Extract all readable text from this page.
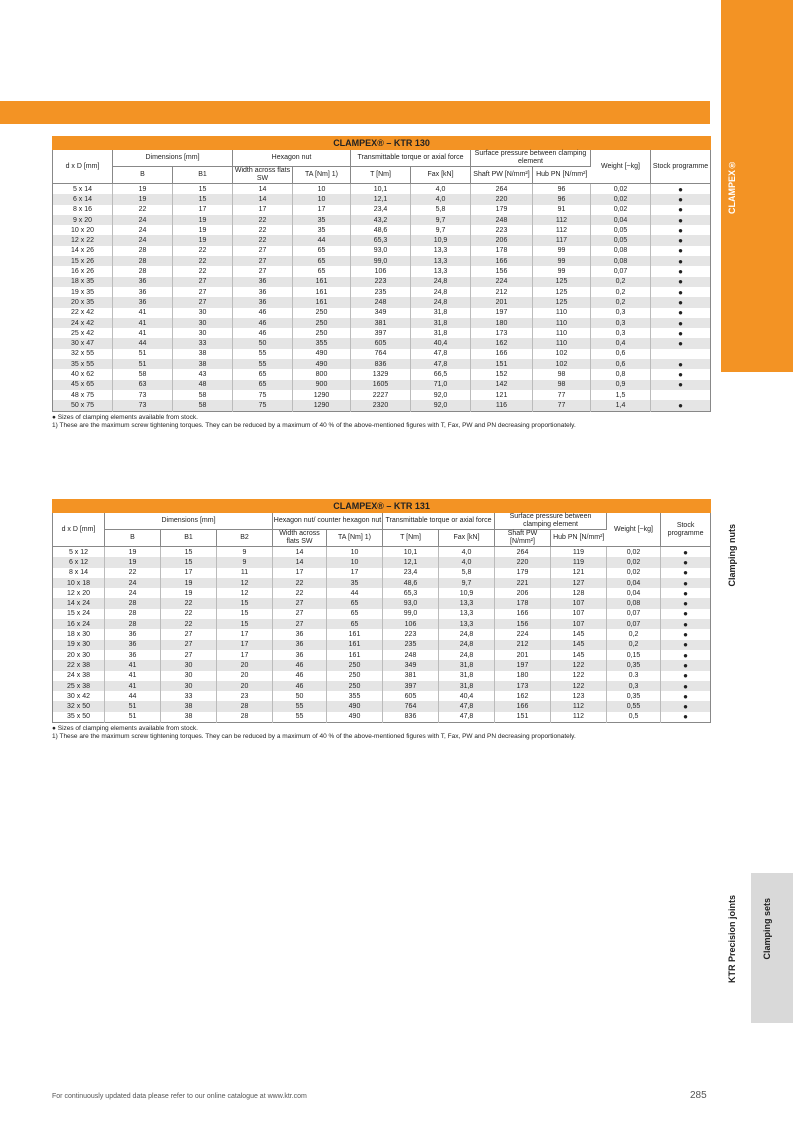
CLAMPEX®
Clamping nuts
KTR Precision joints	Clamping sets
CLAMPEX® – KTR 130										
d x D [mm]	Dimensions [mm]		Hexagon nut		Transmittable torque or axial force		Surface pressure between clamping element		Weight [~kg]	Stock programme
	B	B1	Width across flats SW	TA [Nm] 1)	T [Nm]	Fax [kN]	Shaft PW [N/mm²]	Hub PN [N/mm²]		
5 x 14	19	15	14	10	10,1	4,0	264	96	0,02	●
6 x 14	19	15	14	10	12,1	4,0	220	96	0,02	●
8 x 16	22	17	17	17	23,4	5,8	179	91	0,02	●
9 x 20	24	19	22	35	43,2	9,7	248	112	0,04	●
10 x 20	24	19	22	35	48,6	9,7	223	112	0,05	●
12 x 22	24	19	22	44	65,3	10,9	206	117	0,05	●
14 x 26	28	22	27	65	93,0	13,3	178	99	0,08	●
15 x 26	28	22	27	65	99,0	13,3	166	99	0,08	●
16 x 26	28	22	27	65	106	13,3	156	99	0,07	●
18 x 35	36	27	36	161	223	24,8	224	125	0,2	●
19 x 35	36	27	36	161	235	24,8	212	125	0,2	●
20 x 35	36	27	36	161	248	24,8	201	125	0,2	●
22 x 42	41	30	46	250	349	31,8	197	110	0,3	●
24 x 42	41	30	46	250	381	31,8	180	110	0,3	●
25 x 42	41	30	46	250	397	31,8	173	110	0,3	●
30 x 47	44	33	50	355	605	40,4	162	110	0,4	●
32 x 55	51	38	55	490	764	47,8	166	102	0,6	
35 x 55	51	38	55	490	836	47,8	151	102	0,6	●
40 x 62	58	43	65	800	1329	66,5	152	98	0,8	●
45 x 65	63	48	65	900	1605	71,0	142	98	0,9	●
48 x 75	73	58	75	1290	2227	92,0	121	77	1,5	
50 x 75	73	58	75	1290	2320	92,0	116	77	1,4	●
● Sizes of clamping elements available from stock.
1) These are the maximum screw tightening torques. They can be reduced by a maximum of 40 % of the above-mentioned figures with T, Fax, PW and PN decreasing proportionately.
CLAMPEX® – KTR 131											
d x D [mm]	Dimensions [mm]			Hexagon nut/ counter hexagon nut		Transmittable torque or axial force		Surface pressure between clamping element		Weight [~kg]	Stock programme
	B	B1	B2	Width across flats SW	TA [Nm] 1)	T [Nm]	Fax [kN]	Shaft PW [N/mm²]	Hub PN [N/mm²]		
5 x 12	19	15	9	14	10	10,1	4,0	264	119	0,02	●
6 x 12	19	15	9	14	10	12,1	4,0	220	119	0,02	●
8 x 14	22	17	11	17	17	23,4	5,8	179	121	0,02	●
10 x 18	24	19	12	22	35	48,6	9,7	221	127	0,04	●
12 x 20	24	19	12	22	44	65,3	10,9	206	128	0,04	●
14 x 24	28	22	15	27	65	93,0	13,3	178	107	0,08	●
15 x 24	28	22	15	27	65	99,0	13,3	166	107	0,07	●
16 x 24	28	22	15	27	65	106	13,3	156	107	0,07	●
18 x 30	36	27	17	36	161	223	24,8	224	145	0,2	●
19 x 30	36	27	17	36	161	235	24,8	212	145	0,2	●
20 x 30	36	27	17	36	161	248	24,8	201	145	0,15	●
22 x 38	41	30	20	46	250	349	31,8	197	122	0,35	●
24 x 38	41	30	20	46	250	381	31,8	180	122	0.3	●
25 x 38	41	30	20	46	250	397	31,8	173	122	0,3	●
30 x 42	44	33	23	50	355	605	40,4	162	123	0,35	●
32 x 50	51	38	28	55	490	764	47,8	166	112	0,55	●
35 x 50	51	38	28	55	490	836	47,8	151	112	0,5	●
● Sizes of clamping elements available from stock.
1) These are the maximum screw tightening torques. They can be reduced by a maximum of 40 % of the above-mentioned figures with T, Fax, PW and PN decreasing proportionately.
For continuously updated data please refer to our online catalogue at www.ktr.com	285
